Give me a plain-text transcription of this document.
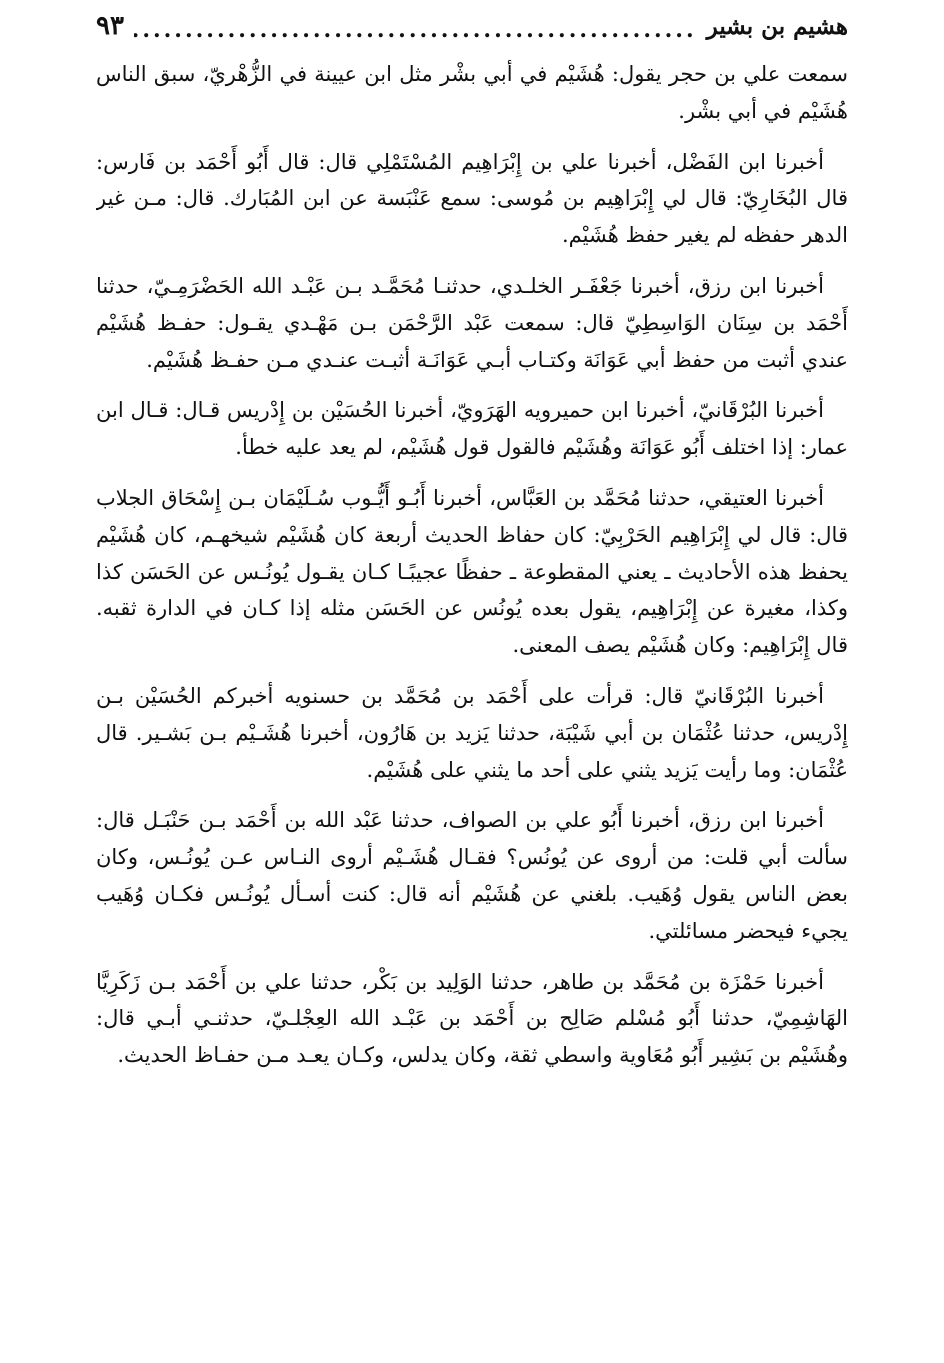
هشيم بن بشير
.....
٩٣

سمعت علي بن حجر يقول: هُشَيْم في أبي بشْر مثل ابن عيينة في الزُّهْريّ، سبق الناس هُشَيْم في أبي بشْر.

أخبرنا ابن الفَضْل، أخبرنا علي بن إِبْرَاهِيم المُسْتَمْلِي قال: قال أَبُو أَحْمَد بن فَارس: قال البُخَارِيّ: قال لي إِبْرَاهِيم بن مُوسى: سمع عَنْبَسة عن ابن المُبَارك. قال: مـن غير الدهر حفظه لم يغير حفظ هُشَيْم.

أخبرنا ابن رزق، أخبرنا جَعْفَـر الخلـدي، حدثنـا مُحَمَّـد بـن عَبْـد الله الحَضْرَمِـيّ، حدثنا أَحْمَد بن سِنَان الوَاسِطِيّ قال: سمعت عَبْد الرَّحْمَن بـن مَهْـدي يقـول: حفـظ هُشَيْم عندي أثبت من حفظ أبي عَوَانَة وكتـاب أبـي عَوَانَـة أثبـت عنـدي مـن حفـظ هُشَيْم.

أخبرنا البُرْقَانيّ، أخبرنا ابن حميرويه الهَرَويّ، أخبرنا الحُسَيْن بن إِدْريس قـال: قـال ابن عمار: إذا اختلف أَبُو عَوَانَة وهُشَيْم فالقول قول هُشَيْم، لم يعد عليه خطأ.

أخبرنا العتيقي، حدثنا مُحَمَّد بن العَبَّاس، أخبرنا أَبُـو أَيُّـوب سُـلَيْمَان بـن إِسْحَاق الجلاب قال: قال لي إِبْرَاهِيم الحَرْبِيّ: كان حفاظ الحديث أربعة كان هُشَيْم شيخهـم، كان هُشَيْم يحفظ هذه الأحاديث ـ يعني المقطوعة ـ حفظًا عجيبًـا كـان يقـول يُونُـس عن الحَسَن كذا وكذا، مغيرة عن إِبْرَاهِيم، يقول بعده يُونُس عن الحَسَن مثله إذا كـان في الدارة ثقبه. قال إِبْرَاهِيم: وكان هُشَيْم يصف المعنى.

أخبرنا البُرْقَانيّ قال: قرأت على أَحْمَد بن مُحَمَّد بن حسنويه أخبركم الحُسَيْن بـن إِدْريس، حدثنا عُثْمَان بن أبي شَيْبَة، حدثنا يَزيد بن هَارُون، أخبرنا هُشَـيْم بـن بَشـير. قال عُثْمَان: وما رأيت يَزيد يثني على أحد ما يثني على هُشَيْم.

أخبرنا ابن رزق، أخبرنا أَبُو علي بن الصواف، حدثنا عَبْد الله بن أَحْمَد بـن حَنْبَـل قال: سألت أبي قلت: من أروى عن يُونُس؟ فقـال هُشَـيْم أروى النـاس عـن يُونُـس، وكان بعض الناس يقول وُهَيب. بلغني عن هُشَيْم أنه قال: كنت أسـأل يُونُـس فكـان وُهَيب يجيء فيحضر مسائلتي.

أخبرنا حَمْزَة بن مُحَمَّد بن طاهر، حدثنا الوَلِيد بن بَكْر، حدثنا علي بن أَحْمَد بـن زَكَرِيَّا الهَاشِمِيّ، حدثنا أَبُو مُسْلم صَالِح بن أَحْمَد بن عَبْـد الله العِجْلـيّ، حدثنـي أبـي قال: وهُشَيْم بن بَشِير أَبُو مُعَاوية واسطي ثقة، وكان يدلس، وكـان يعـد مـن حفـاظ الحديث.
